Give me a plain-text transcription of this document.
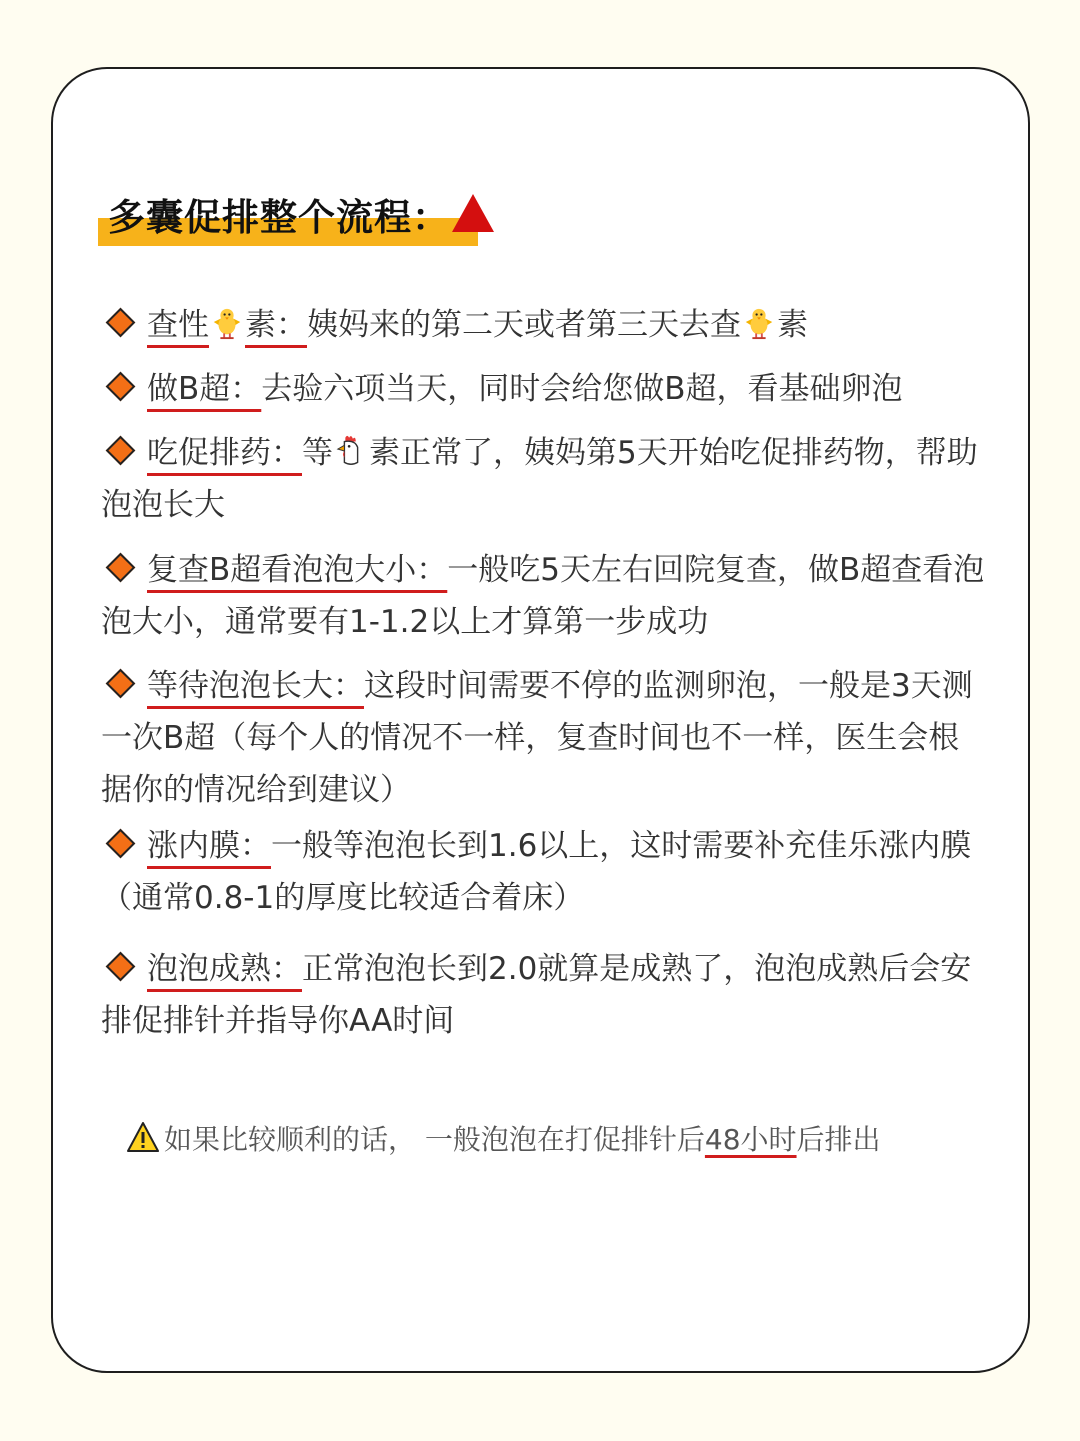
多囊促排整个流程：
查性 素：姨妈来的第二天或者第三天去查 素
做B超：去验六项当天，同时会给您做B超，看基础卵泡
吃促排药：等 素正常了，姨妈第5天开始吃促排药物，帮助泡泡长大
复查B超看泡泡大小：一般吃5天左右回院复查，做B超查看泡泡大小，通常要有1-1.2以上才算第一步成功
等待泡泡长大：这段时间需要不停的监测卵泡，一般是3天测一次B超（每个人的情况不一样，复查时间也不一样，医生会根据你的情况给到建议）
涨内膜：一般等泡泡长到1.6以上，这时需要补充佳乐涨内膜（通常0.8-1的厚度比较适合着床）
泡泡成熟：正常泡泡长到2.0就算是成熟了，泡泡成熟后会安排促排针并指导你AA时间
如果比较顺利的话， 一般泡泡在打促排针后48小时后排出
